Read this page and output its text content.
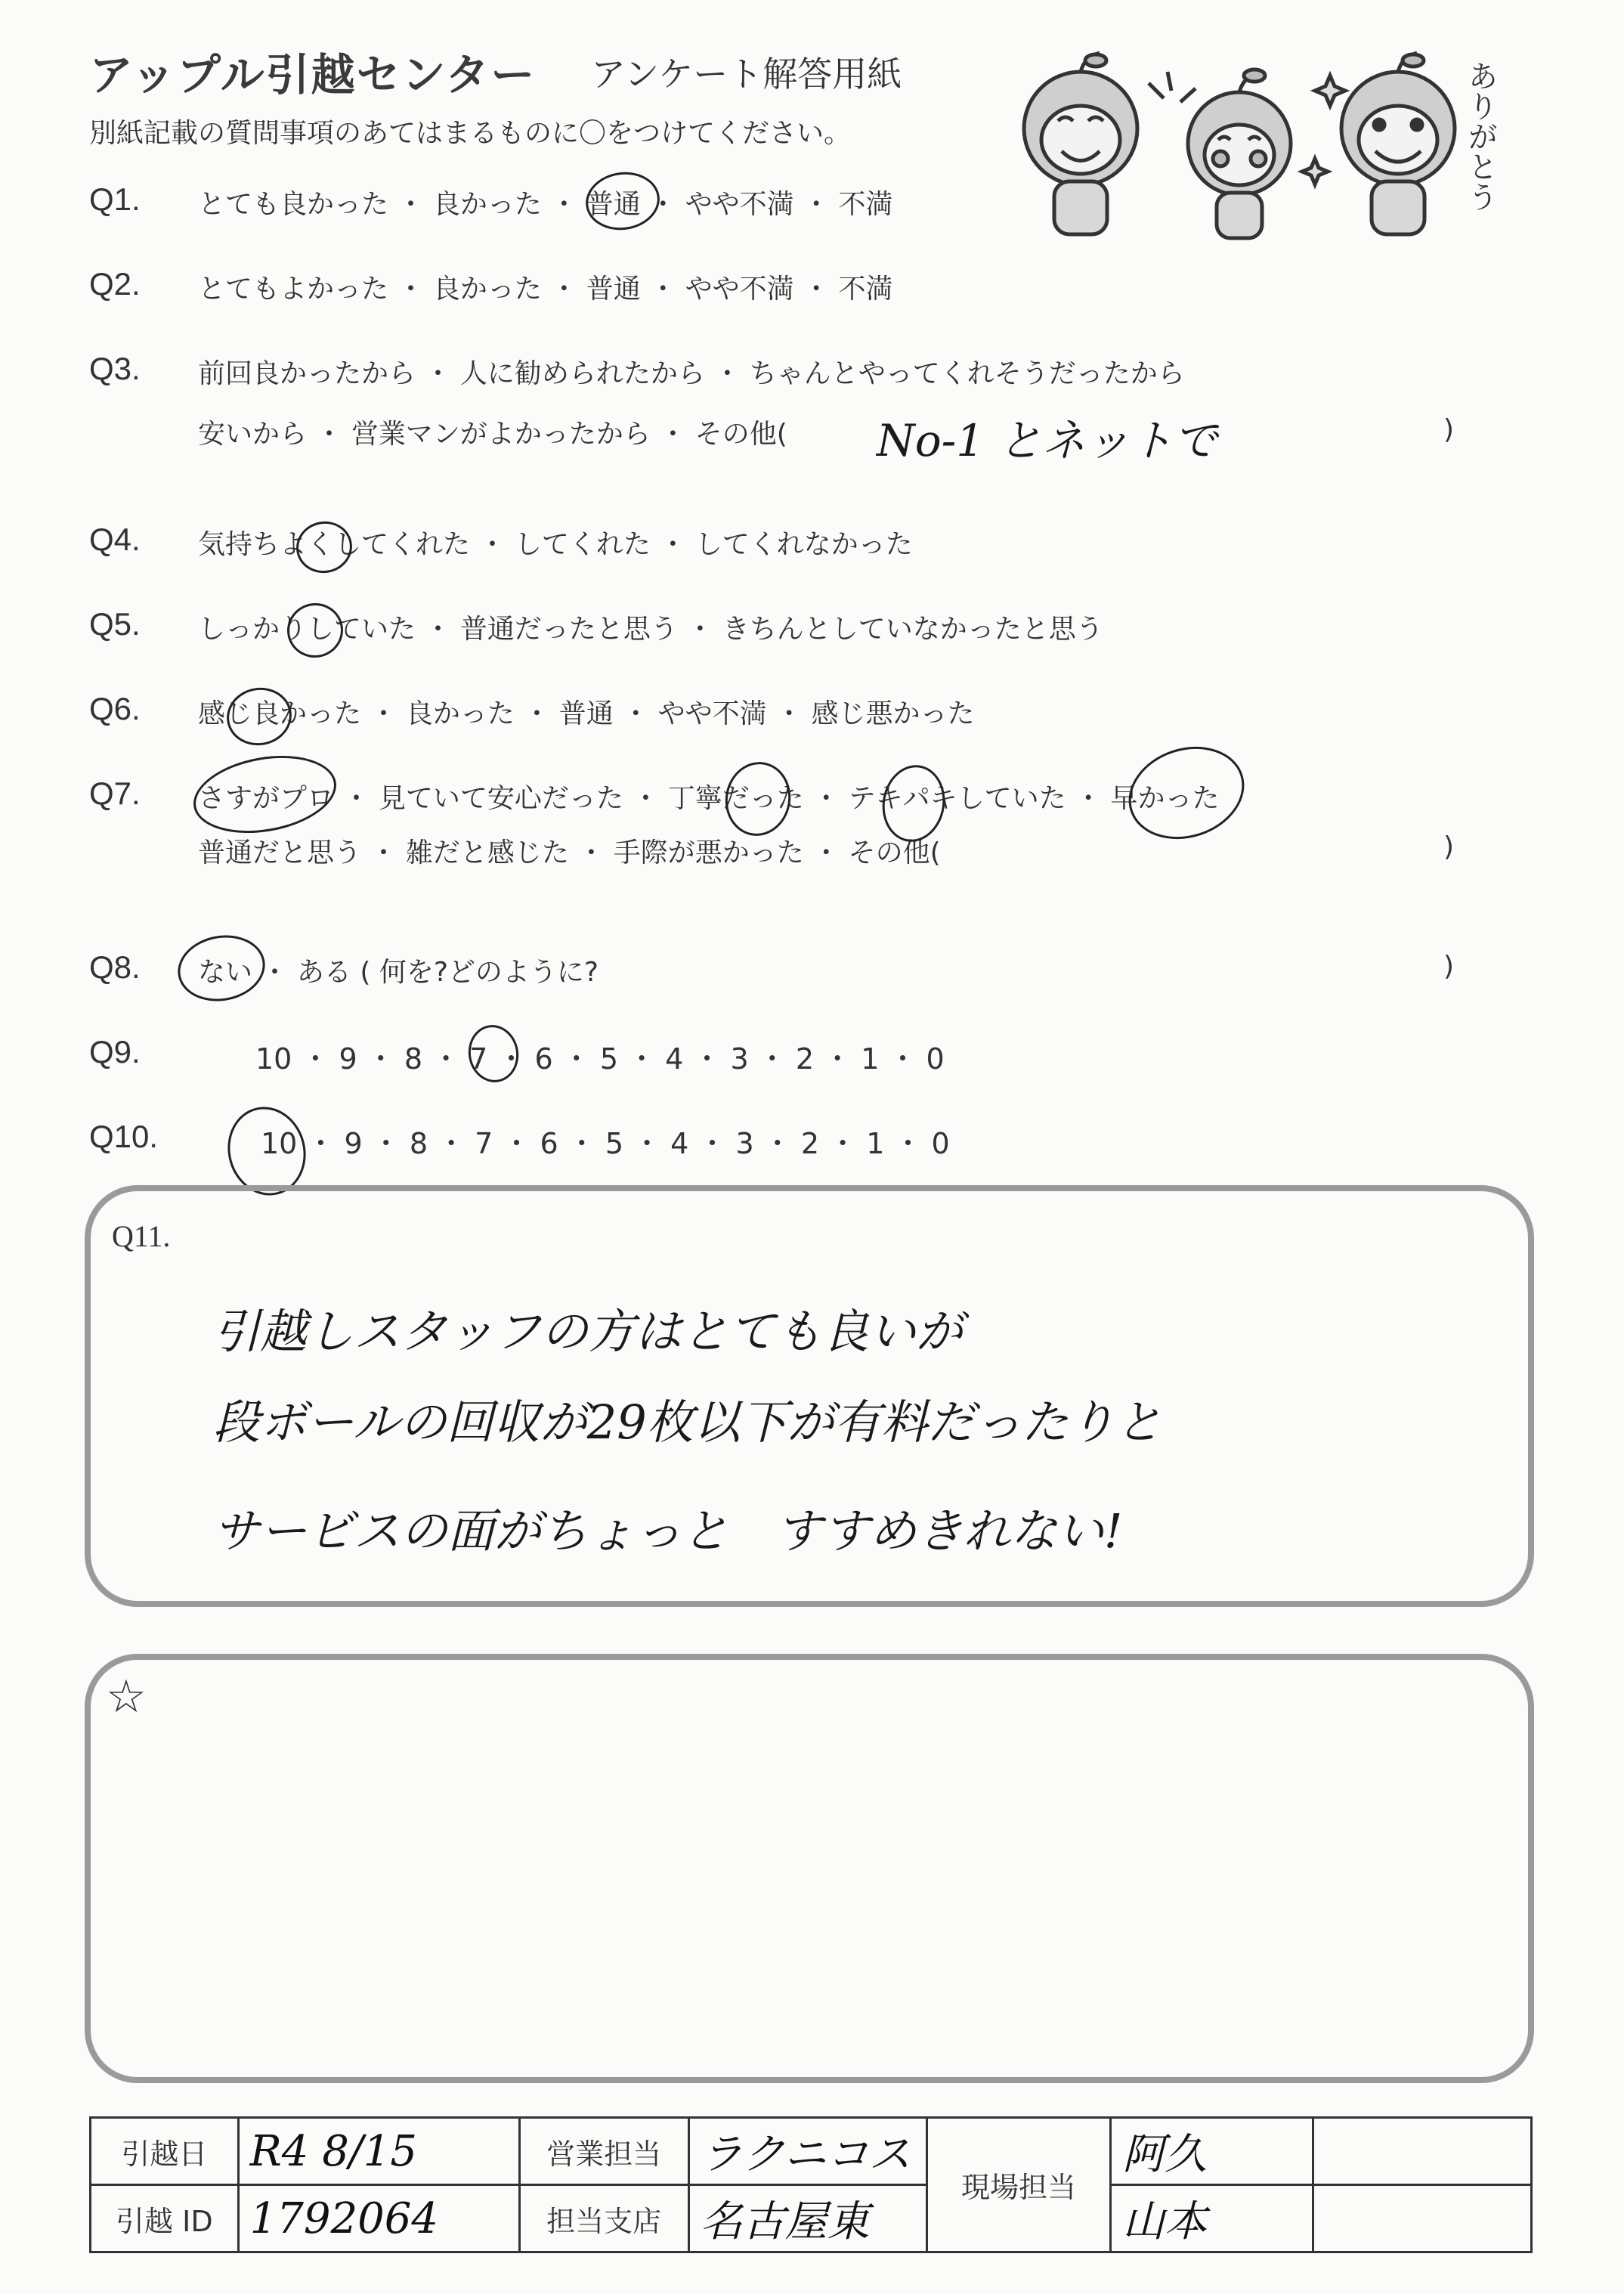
アップル引越センター アンケート解答用紙
別紙記載の質問事項のあてはまるものに〇をつけてください。	ありがとう
Q1. とても良かった ・ 良かった ・ 普通 ・ やや不満 ・ 不満
Q2. とてもよかった ・ 良かった ・ 普通 ・ やや不満 ・ 不満
Q3. 前回良かったから ・ 人に勧められたから ・ ちゃんとやってくれそうだったから
安いから ・ 営業マンがよかったから ・ その他( No-1 とネットで	)
Q4. 気持ちよくしてくれた ・ してくれた ・ してくれなかった
Q5. しっかりしていた ・ 普通だったと思う ・ きちんとしていなかったと思う
Q6. 感じ良かった ・ 良かった ・ 普通 ・ やや不満 ・ 感じ悪かった
Q7. さすがプロ ・ 見ていて安心だった ・ 丁寧だった ・ テキパキしていた ・ 早かった
普通だと思う ・ 雑だと感じた ・ 手際が悪かった ・ その他(	)
Q8. ない ・ ある ( 何を?どのように?	)
Q9.	10 ・ 9 ・ 8 ・ 7 ・ 6 ・ 5 ・ 4 ・ 3 ・ 2 ・ 1 ・ 0
Q10.	10 ・ 9 ・ 8 ・ 7 ・ 6 ・ 5 ・ 4 ・ 3 ・ 2 ・ 1 ・ 0
Q11.
引越しスタッフの方はとても良いが
段ボールの回収が29枚以下が有料だったりと
サービスの面がちょっと　すすめきれない!
☆
引越日	R4 8/15	営業担当	ラクニコス	現場担当	阿久	
引越 ID	1792064	担当支店	名古屋東		山本	
